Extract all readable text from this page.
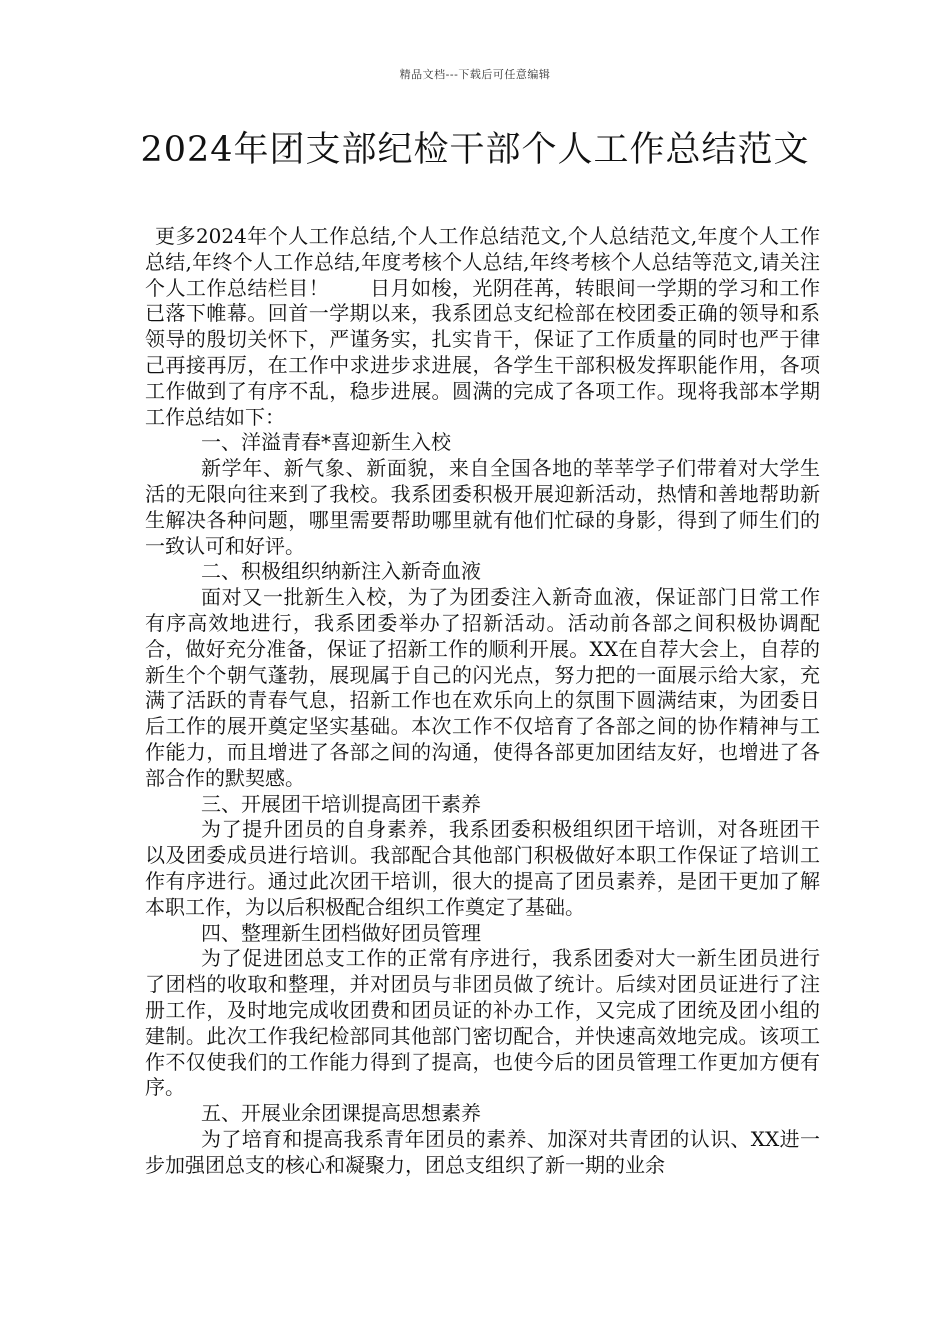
精品文档---下载后可任意编辑
2024年团支部纪检干部个人工作总结范文

更多2024年个人工作总结,个人工作总结范文,个人总结范文,年度个人工作总结,年终个人工作总结,年度考核个人总结,年终考核个人总结等范文,请关注个人工作总结栏目！　　日月如梭，光阴荏苒，转眼间一学期的学习和工作已落下帷幕。回首一学期以来，我系团总支纪检部在校团委正确的领导和系领导的殷切关怀下，严谨务实，扎实肯干，保证了工作质量的同时也严于律己再接再厉，在工作中求进步求进展，各学生干部积极发挥职能作用，各项工作做到了有序不乱，稳步进展。圆满的完成了各项工作。现将我部本学期工作总结如下：

一、洋溢青春*喜迎新生入校

新学年、新气象、新面貌，来自全国各地的莘莘学子们带着对大学生活的无限向往来到了我校。我系团委积极开展迎新活动，热情和善地帮助新生解决各种问题，哪里需要帮助哪里就有他们忙碌的身影，得到了师生们的一致认可和好评。

二、积极组织纳新注入新奇血液

面对又一批新生入校，为了为团委注入新奇血液，保证部门日常工作有序高效地进行，我系团委举办了招新活动。活动前各部之间积极协调配合，做好充分准备，保证了招新工作的顺利开展。XX在自荐大会上，自荐的新生个个朝气蓬勃，展现属于自己的闪光点，努力把的一面展示给大家，充满了活跃的青春气息，招新工作也在欢乐向上的氛围下圆满结束，为团委日后工作的展开奠定坚实基础。本次工作不仅培育了各部之间的协作精神与工作能力，而且增进了各部之间的沟通，使得各部更加团结友好，也增进了各部合作的默契感。

三、开展团干培训提高团干素养

为了提升团员的自身素养，我系团委积极组织团干培训，对各班团干以及团委成员进行培训。我部配合其他部门积极做好本职工作保证了培训工作有序进行。通过此次团干培训，很大的提高了团员素养，是团干更加了解本职工作，为以后积极配合组织工作奠定了基础。

四、整理新生团档做好团员管理

为了促进团总支工作的正常有序进行，我系团委对大一新生团员进行了团档的收取和整理，并对团员与非团员做了统计。后续对团员证进行了注册工作，及时地完成收团费和团员证的补办工作，又完成了团统及团小组的建制。此次工作我纪检部同其他部门密切配合，并快速高效地完成。该项工作不仅使我们的工作能力得到了提高，也使今后的团员管理工作更加方便有序。

五、开展业余团课提高思想素养

为了培育和提高我系青年团员的素养、加深对共青团的认识、XX进一步加强团总支的核心和凝聚力，团总支组织了新一期的业余
